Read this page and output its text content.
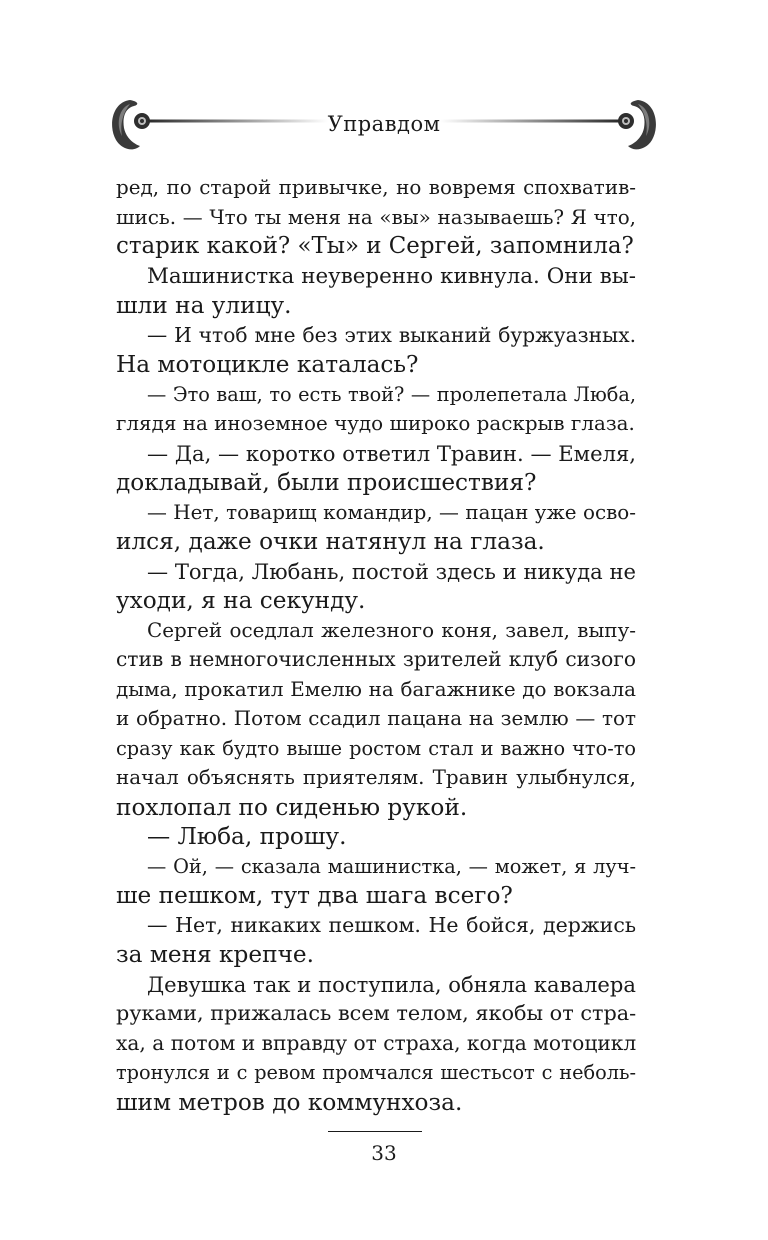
Управдом
ред, по старой привычке, но вовремя спохватив-
шись. — Что ты меня на «вы» называешь? Я что,
старик какой? «Ты» и Сергей, запомнила?
Машинистка неуверенно кивнула. Они вы-
шли на улицу.
— И чтоб мне без этих выканий буржуазных.
На мотоцикле каталась?
— Это ваш, то есть твой? — пролепетала Люба,
глядя на иноземное чудо широко раскрыв глаза.
— Да, — коротко ответил Травин. — Емеля,
докладывай, были происшествия?
— Нет, товарищ командир, — пацан уже осво-
ился, даже очки натянул на глаза.
— Тогда, Любань, постой здесь и никуда не
уходи, я на секунду.
Сергей оседлал железного коня, завел, выпу-
стив в немногочисленных зрителей клуб сизого
дыма, прокатил Емелю на багажнике до вокзала
и обратно. Потом ссадил пацана на землю — тот
сразу как будто выше ростом стал и важно что-то
начал объяснять приятелям. Травин улыбнулся,
похлопал по сиденью рукой.
— Люба, прошу.
— Ой, — сказала машинистка, — может, я луч-
ше пешком, тут два шага всего?
— Нет, никаких пешком. Не бойся, держись
за меня крепче.
Девушка так и поступила, обняла кавалера
руками, прижалась всем телом, якобы от стра-
ха, а потом и вправду от страха, когда мотоцикл
тронулся и с ревом промчался шестьсот с неболь-
шим метров до коммунхоза.
33
